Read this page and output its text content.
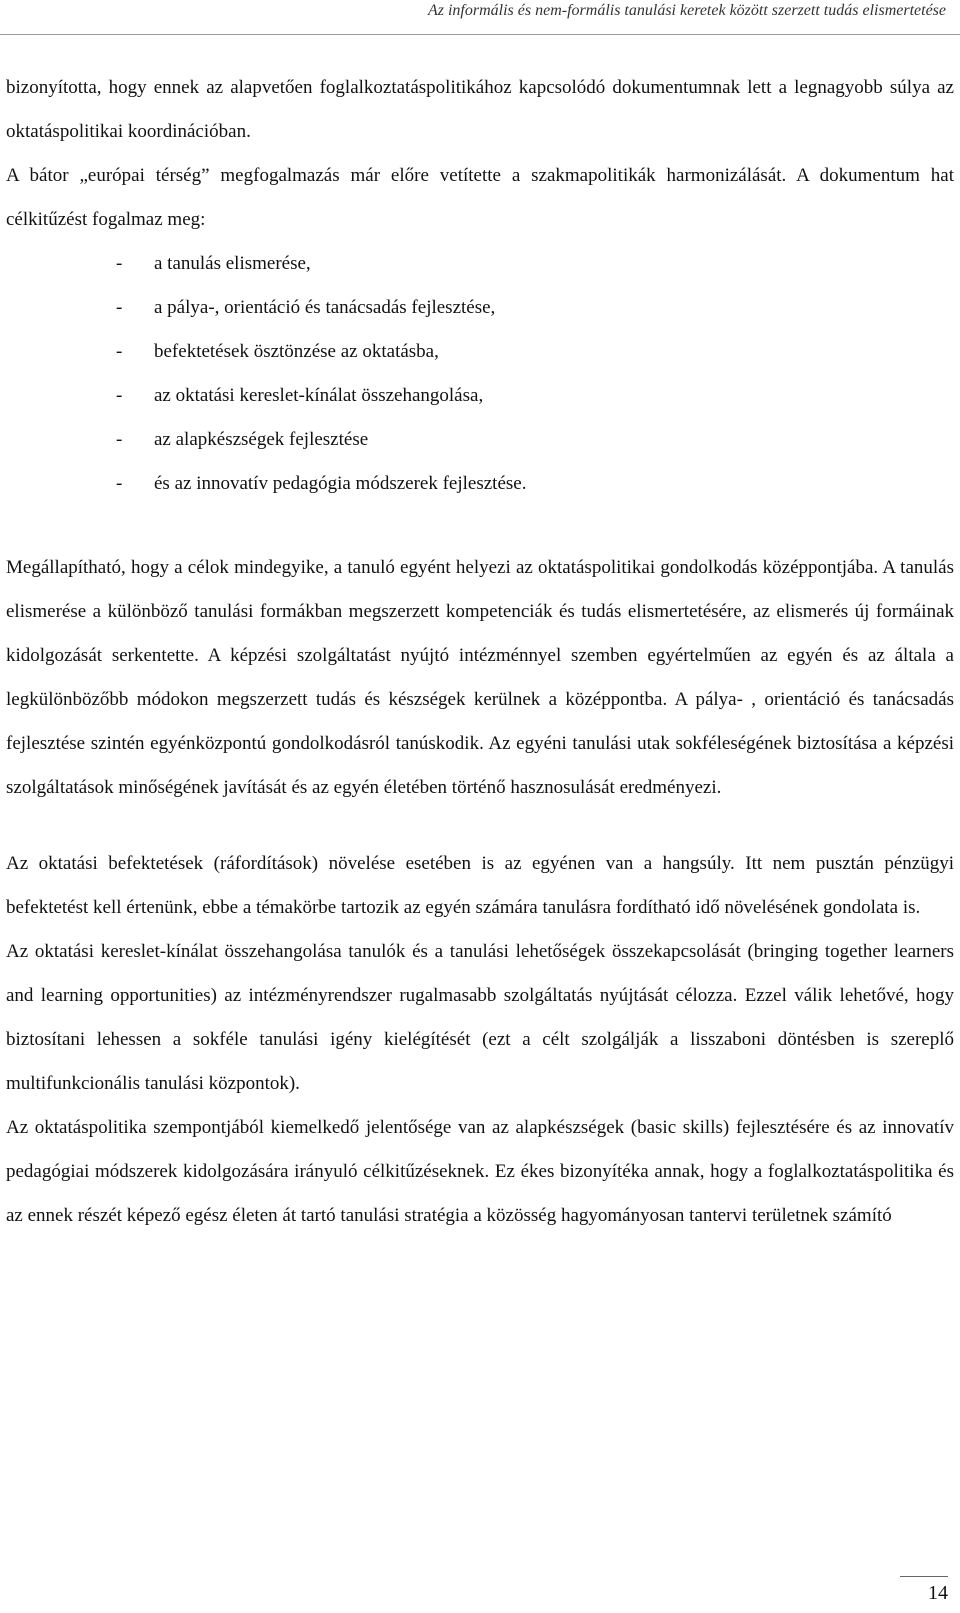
Az informális és nem-formális tanulási keretek között szerzett tudás elismertetése

bizonyította, hogy ennek az alapvetően foglalkoztatáspolitikához kapcsolódó dokumentumnak lett a legnagyobb súlya az oktatáspolitikai koordinációban.

A bátor „európai térség” megfogalmazás már előre vetítette a szakmapolitikák harmonizálását. A dokumentum hat célkitűzést fogalmaz meg:

- a tanulás elismerése,
- a pálya-, orientáció és tanácsadás fejlesztése,
- befektetések ösztönzése az oktatásba,
- az oktatási kereslet-kínálat összehangolása,
- az alapkészségek fejlesztése
- és az innovatív pedagógia módszerek fejlesztése.

Megállapítható, hogy a célok mindegyike, a tanuló egyént helyezi az oktatáspolitikai gondolkodás középpontjába. A tanulás elismerése a különböző tanulási formákban megszerzett kompetenciák és tudás elismertetésére, az elismerés új formáinak kidolgozását serkentette. A képzési szolgáltatást nyújtó intézménnyel szemben egyértelműen az egyén és az általa a legkülönbözőbb módokon megszerzett tudás és készségek kerülnek a középpontba. A pálya- , orientáció és tanácsadás fejlesztése szintén egyénközpontú gondolkodásról tanúskodik. Az egyéni tanulási utak sokféleségének biztosítása a képzési szolgáltatások minőségének javítását és az egyén életében történő hasznosulását eredményezi.

Az oktatási befektetések (ráfordítások) növelése esetében is az egyénen van a hangsúly. Itt nem pusztán pénzügyi befektetést kell értenünk, ebbe a témakörbe tartozik az egyén számára tanulásra fordítható idő növelésének gondolata is.

Az oktatási kereslet-kínálat összehangolása tanulók és a tanulási lehetőségek összekapcsolását (bringing together learners and learning opportunities) az intézményrendszer rugalmasabb szolgáltatás nyújtását célozza. Ezzel válik lehetővé, hogy biztosítani lehessen a sokféle tanulási igény kielégítését (ezt a célt szolgálják a lisszaboni döntésben is szereplő multifunkcionális tanulási központok).

Az oktatáspolitika szempontjából kiemelkedő jelentősége van az alapkészségek (basic skills) fejlesztésére és az innovatív pedagógiai módszerek kidolgozására irányuló célkitűzéseknek. Ez ékes bizonyítéka annak, hogy a foglalkoztatáspolitika és az ennek részét képező egész életen át tartó tanulási stratégia a közösség hagyományosan tantervi területnek számító

14
